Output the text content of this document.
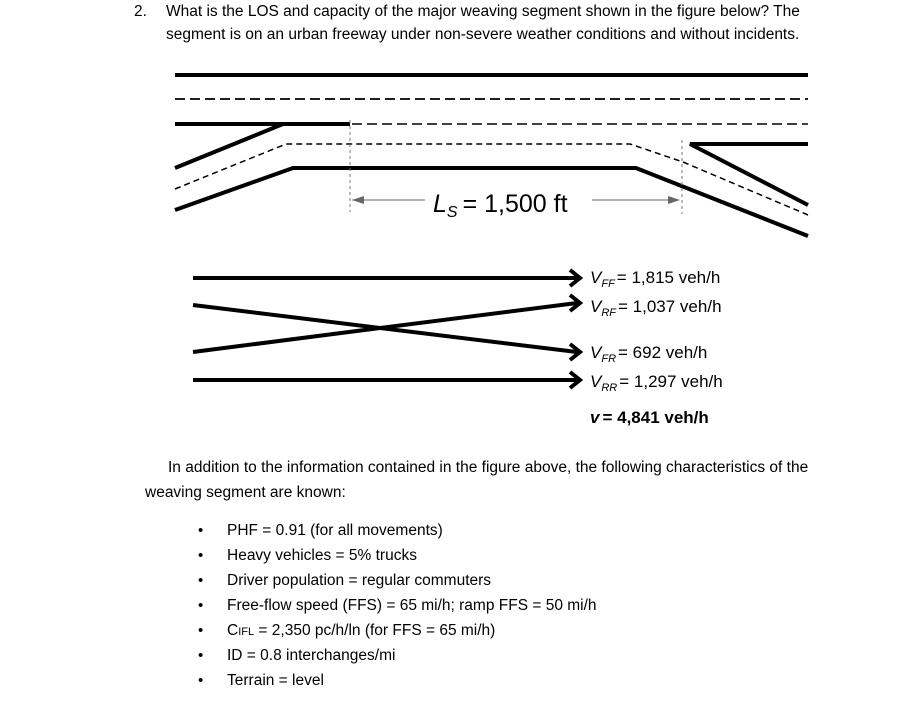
2. What is the LOS and capacity of the major weaving segment shown in the figure below? The
segment is on an urban freeway under non-severe weather conditions and without incidents.
$L_S = 1,500$ ft
$V_{FF} = 1,815$ veh/h
$V_{RF} = 1,037$ veh/h
$V_{FR} = 692$ veh/h
$V_{RR} = 1,297$ veh/h
v = 4,841 veh/h
In addition to the information contained in the figure above, the following characteristics of the
weaving segment are known:
• PHF = 0.91 (for all movements)
• Heavy vehicles = 5% trucks
• Driver population = regular commuters
• Free-flow speed (FFS) = 65 mi/h; ramp FFS = 50 mi/h
• CIFL = 2,350 pc/h/ln (for FFS = 65 mi/h)
• ID = 0.8 interchanges/mi
• Terrain = level
